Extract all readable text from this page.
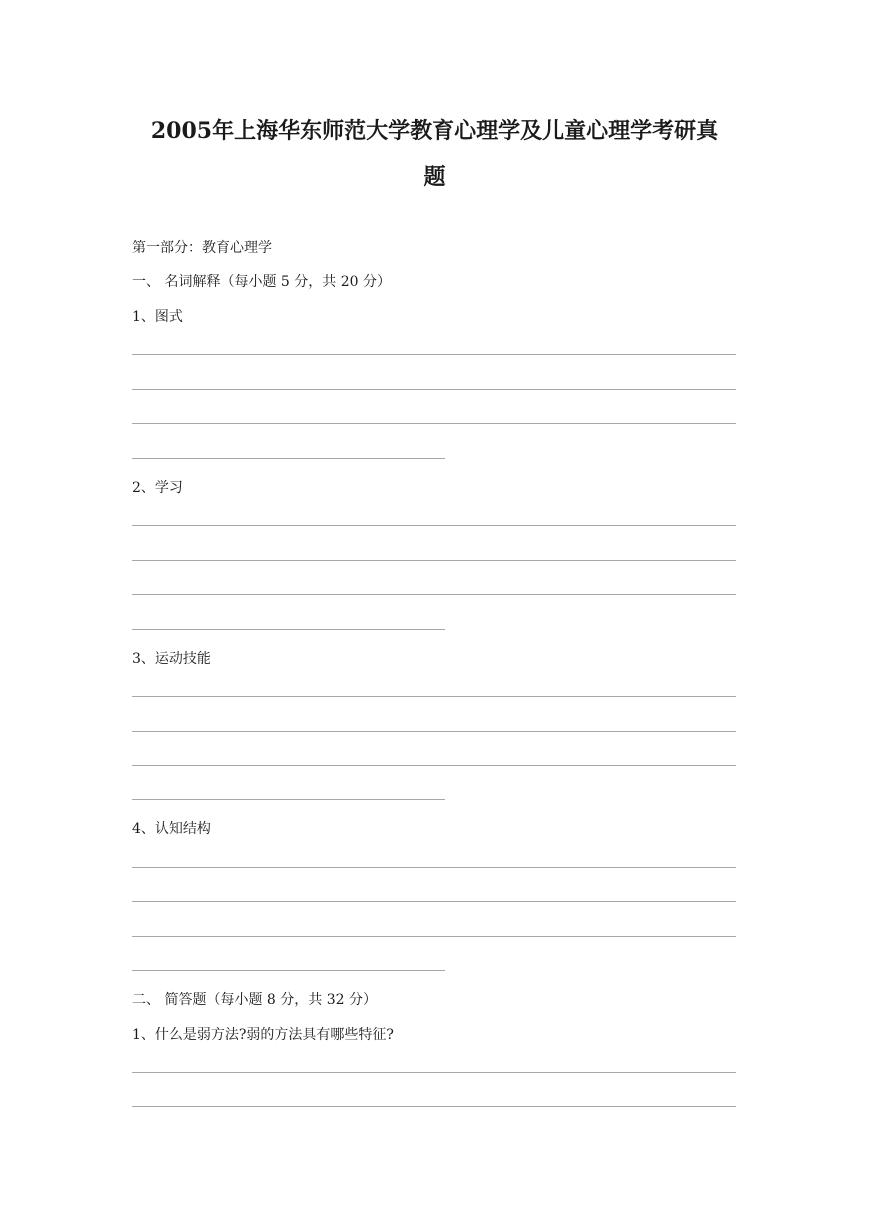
2005年上海华东师范大学教育心理学及儿童心理学考研真
题
第一部分：教育心理学
一、 名词解释（每小题 5 分，共 20 分）
1、图式
2、学习
3、运动技能
4、认知结构
二、 简答题（每小题 8 分，共 32 分）
1、什么是弱方法?弱的方法具有哪些特征?
